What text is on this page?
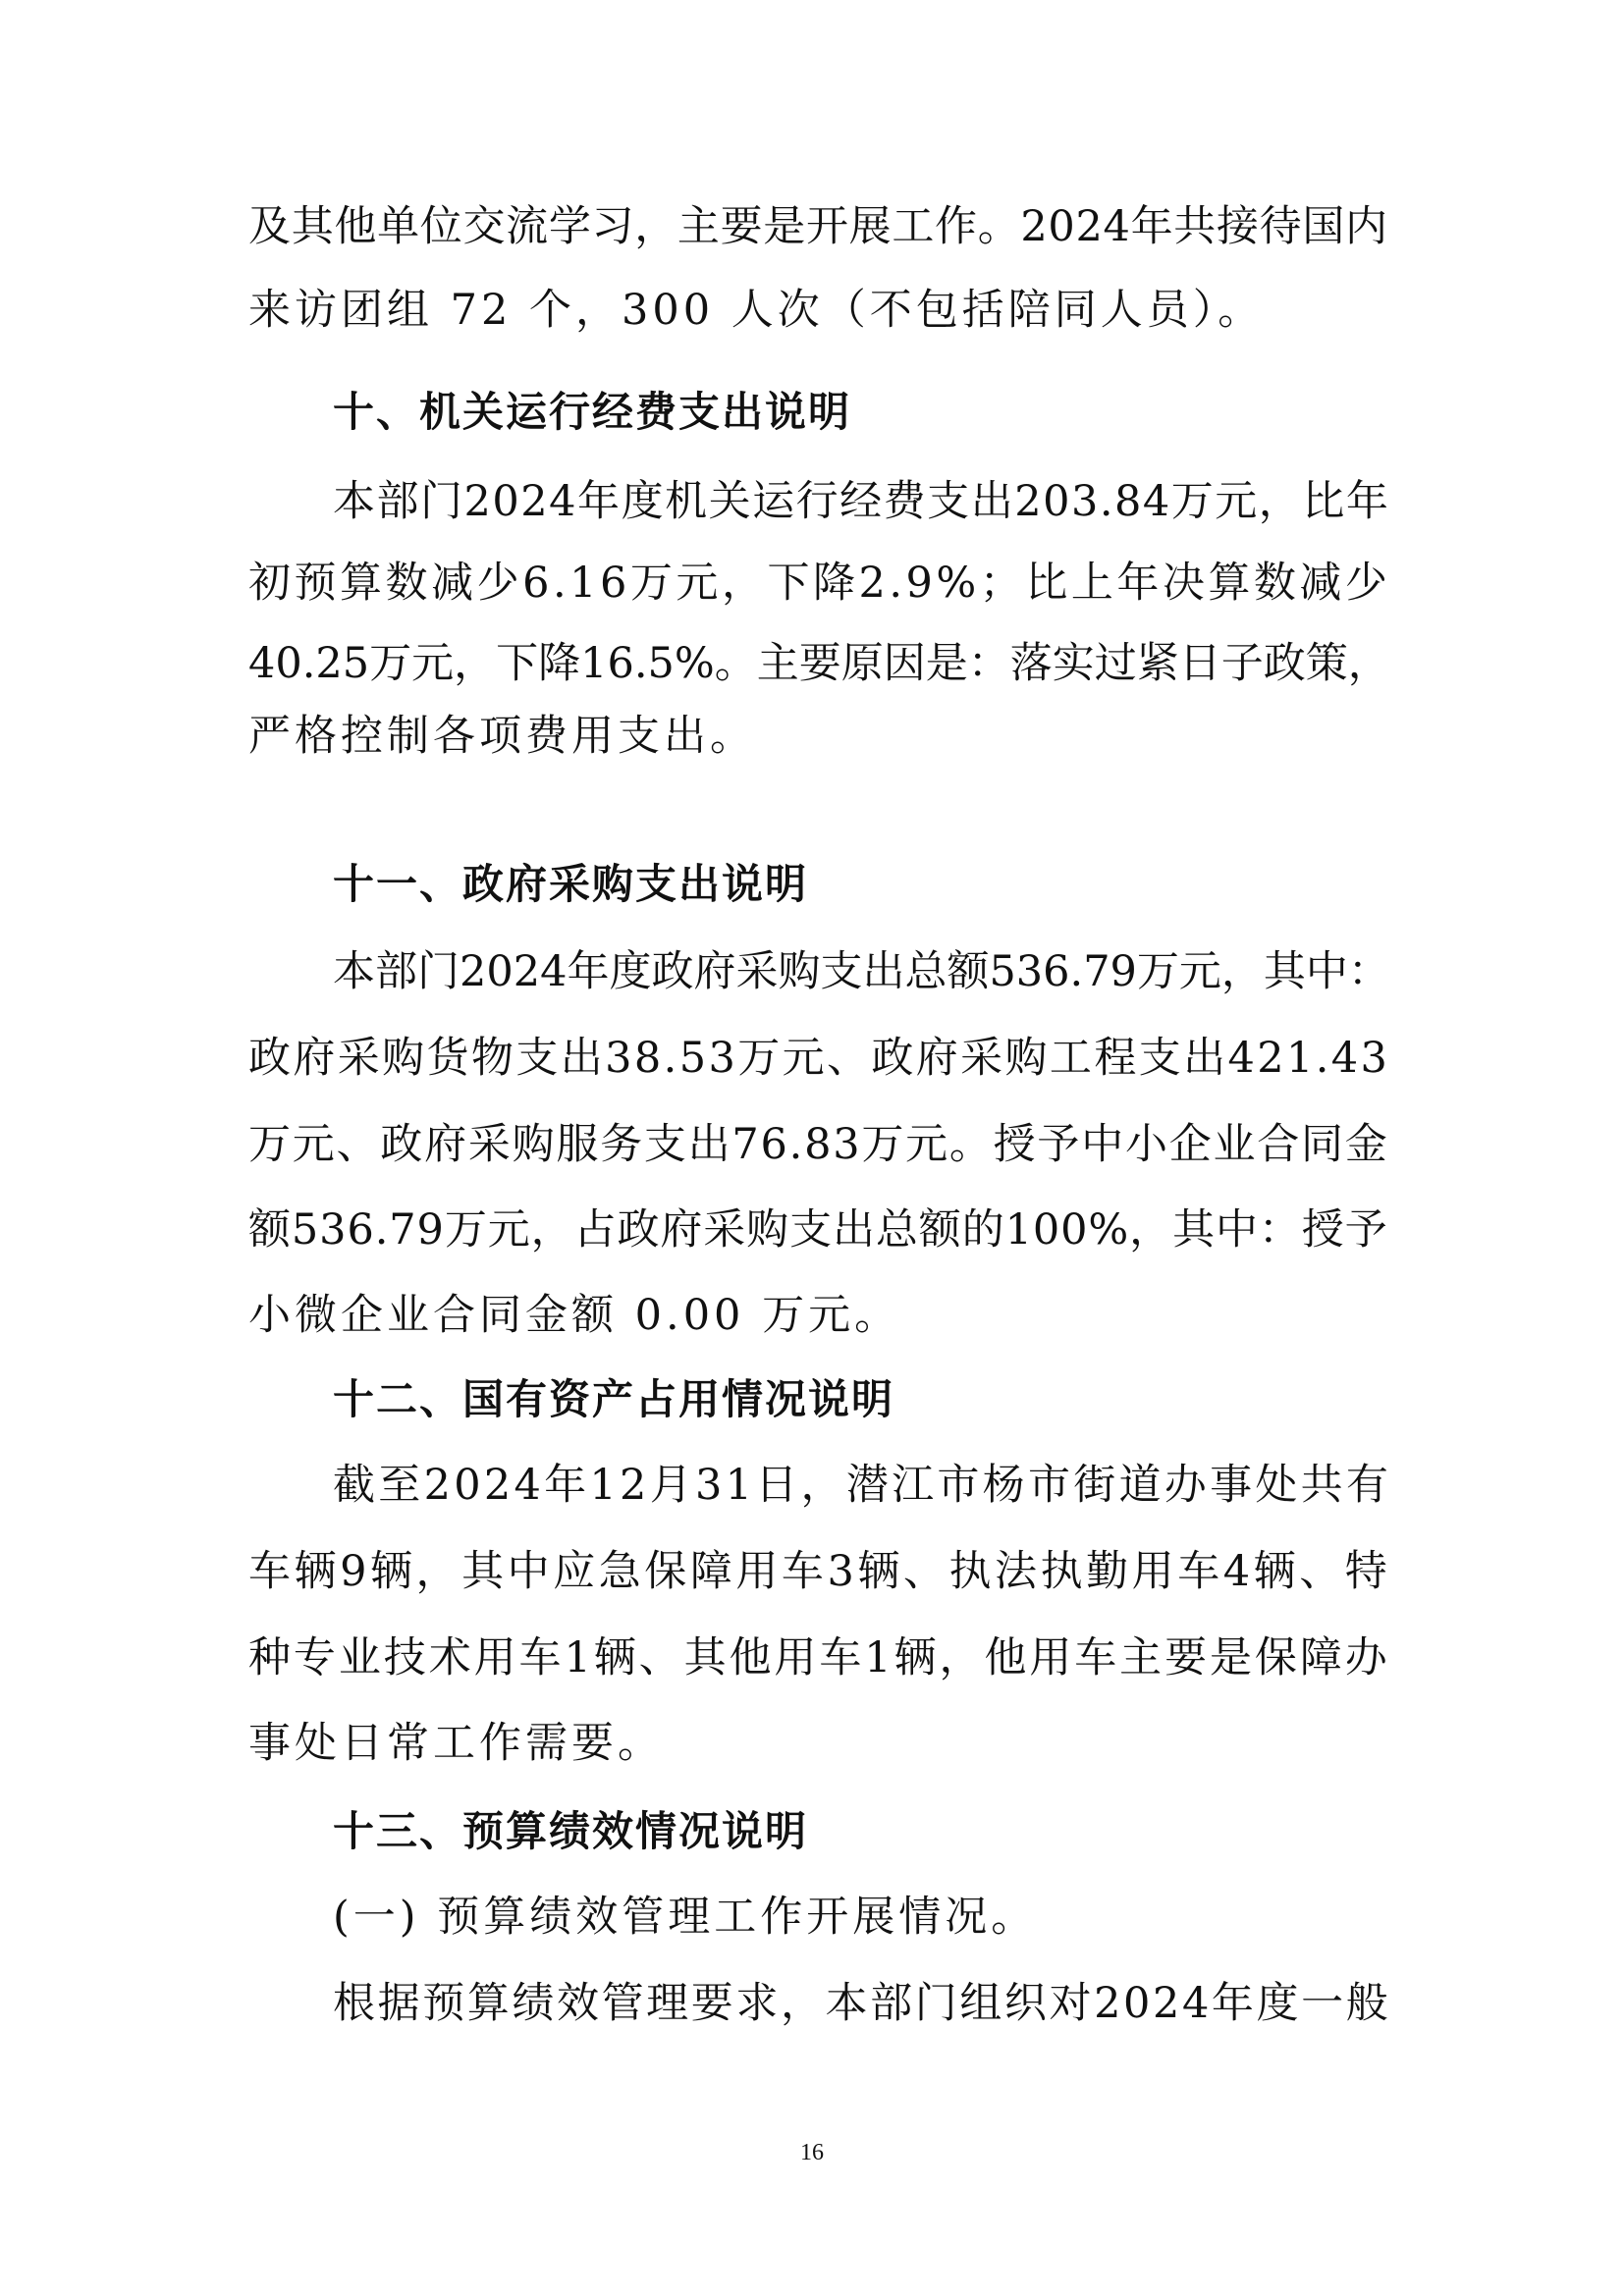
及 其 他 单 位 交 流 学 习 ， 主 要 是 开 展 工 作 。 2 0 2 4 年 共 接 待 国 内
来访团组 72 个，300 人次（不包括陪同人员）。
十、机关运行经费支出说明
本 部 门 2 0 2 4 年 度 机 关 运 行 经 费 支 出 2 0 3 . 8 4 万 元 ， 比 年
初 预 算 数 减 少 6 . 1 6 万 元 ， 下 降 2 . 9 % ； 比 上 年 决 算 数 减 少
4 0 . 2 5 万 元 ， 下 降 1 6 . 5 % 。 主 要 原 因 是 ： 落 实 过 紧 日 子 政 策 ，
严格控制各项费用支出。
十一、政府采购支出说明
本 部 门 2 0 2 4 年 度 政 府 采 购 支 出 总 额 5 3 6 . 7 9 万 元 ， 其 中 ：
政 府 采 购 货 物 支 出 3 8 . 5 3 万 元 、 政 府 采 购 工 程 支 出 4 2 1 . 4 3
万 元 、 政 府 采 购 服 务 支 出 7 6 . 8 3 万 元 。 授 予 中 小 企 业 合 同 金
额 5 3 6 . 7 9 万 元 ， 占 政 府 采 购 支 出 总 额 的 1 0 0 % ， 其 中 ： 授 予
小微企业合同金额 0.00 万元。
十二、国有资产占用情况说明
截 至 2 0 2 4 年 1 2 月 3 1 日 ， 潜 江 市 杨 市 街 道 办 事 处 共 有
车 辆 9 辆 ， 其 中 应 急 保 障 用 车 3 辆 、 执 法 执 勤 用 车 4 辆 、 特
种 专 业 技 术 用 车 1 辆 、 其 他 用 车 1 辆 ， 他 用 车 主 要 是 保 障 办
事处日常工作需要。
十三、预算绩效情况说明
(一) 预算绩效管理工作开展情况。
根 据 预 算 绩 效 管 理 要 求 ， 本 部 门 组 织 对 2 0 2 4 年 度 一 般
16
